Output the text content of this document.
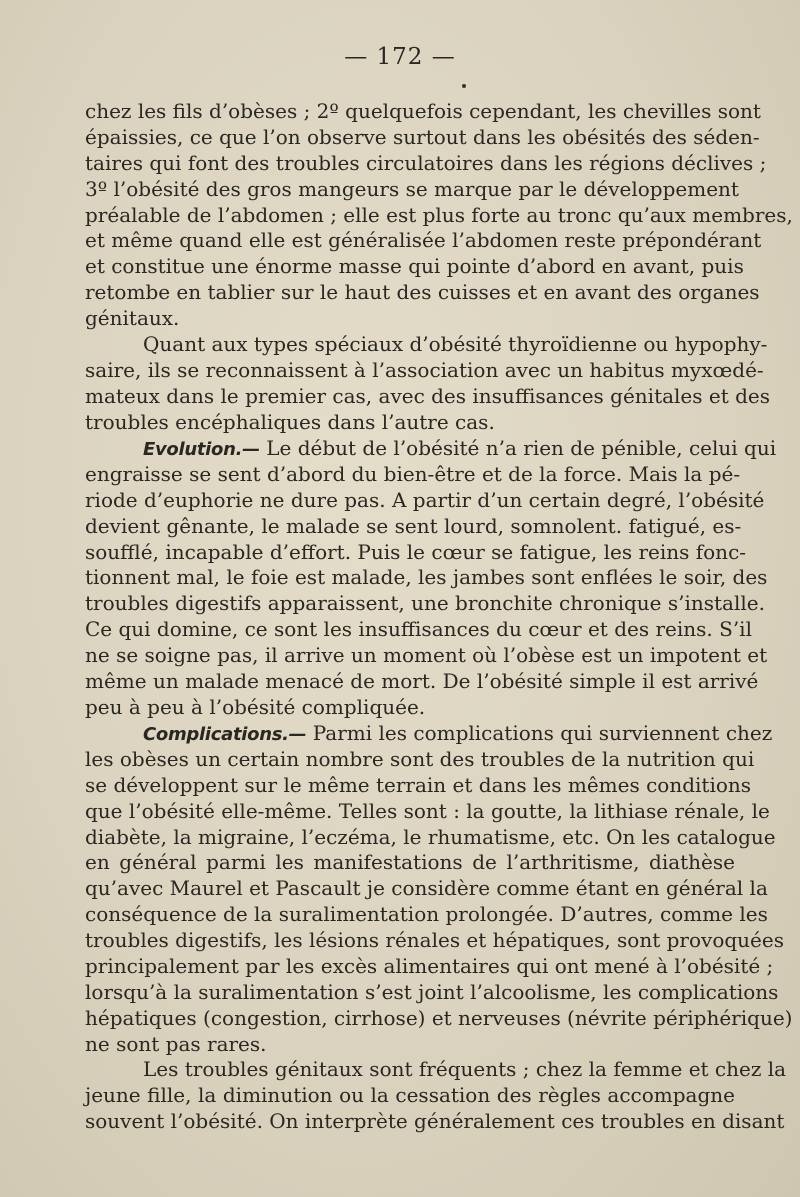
— 172 —
chez les fils d’obèses ; 2º quelquefois cependant, les chevilles sont
épaissies, ce que l’on observe surtout dans les obésités des séden-
taires qui font des troubles circulatoires dans les régions déclives ;
3º l’obésité des gros mangeurs se marque par le développement
préalable de l’abdomen ; elle est plus forte au tronc qu’aux membres,
et même quand elle est généralisée l’abdomen reste prépondérant
et constitue une énorme masse qui pointe d’abord en avant, puis
retombe en tablier sur le haut des cuisses et en avant des organes
génitaux.
Quant aux types spéciaux d’obésité thyroïdienne ou hypophy-
saire, ils se reconnaissent à l’association avec un habitus myxœdé-
mateux dans le premier cas, avec des insuffisances génitales et des
troubles encéphaliques dans l’autre cas.
Evolution.— Le début de l’obésité n’a rien de pénible, celui qui
engraisse se sent d’abord du bien-être et de la force. Mais la pé-
riode d’euphorie ne dure pas. A partir d’un certain degré, l’obésité
devient gênante, le malade se sent lourd, somnolent. fatigué, es-
soufflé, incapable d’effort. Puis le cœur se fatigue, les reins fonc-
tionnent mal, le foie est malade, les jambes sont enflées le soir, des
troubles digestifs apparaissent, une bronchite chronique s’installe.
Ce qui domine, ce sont les insuffisances du cœur et des reins. S’il
ne se soigne pas, il arrive un moment où l’obèse est un impotent et
même un malade menacé de mort. De l’obésité simple il est arrivé
peu à peu à l’obésité compliquée.
Complications.— Parmi les complications qui surviennent chez
les obèses un certain nombre sont des troubles de la nutrition qui
se développent sur le même terrain et dans les mêmes conditions
que l’obésité elle-même. Telles sont : la goutte, la lithiase rénale, le
diabète, la migraine, l’eczéma, le rhumatisme, etc. On les catalogue
en général parmi les manifestations de l’arthritisme, diathèse
qu’avec Maurel et Pascault je considère comme étant en général la
conséquence de la suralimentation prolongée. D’autres, comme les
troubles digestifs, les lésions rénales et hépatiques, sont provoquées
principalement par les excès alimentaires qui ont mené à l’obésité ;
lorsqu’à la suralimentation s’est joint l’alcoolisme, les complications
hépatiques (congestion, cirrhose) et nerveuses (névrite périphérique)
ne sont pas rares.
Les troubles génitaux sont fréquents ; chez la femme et chez la
jeune fille, la diminution ou la cessation des règles accompagne
souvent l’obésité. On interprète généralement ces troubles en disant
